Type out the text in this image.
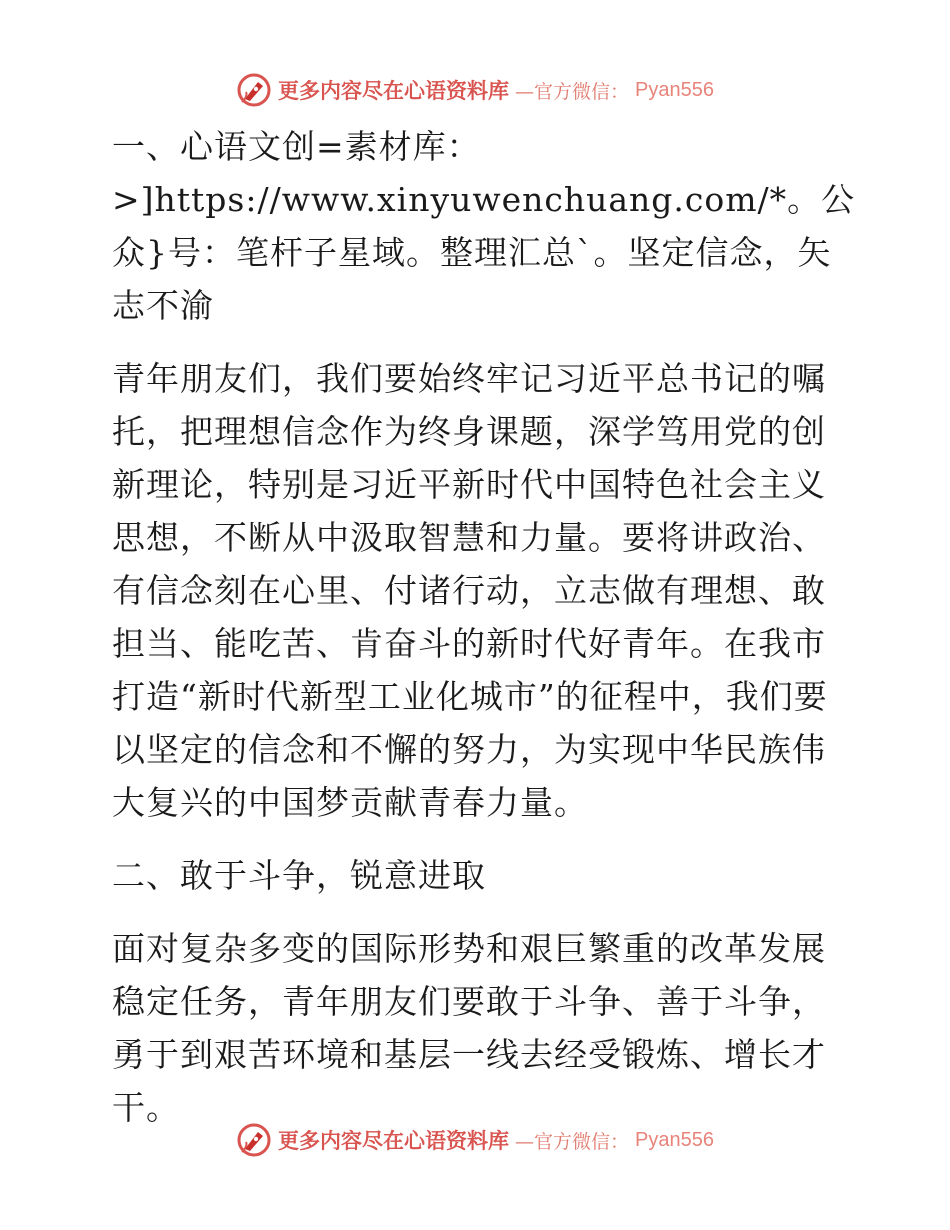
更多内容尽在心语资料库 —官方微信： Pyan556

一、心语文创=素材库：>]https://www.xinyuwenchuang.com/*。公众}号：笔杆子星域。整理汇总`。坚定信念，矢志不渝

青年朋友们，我们要始终牢记习近平总书记的嘱托，把理想信念作为终身课题，深学笃用党的创新理论，特别是习近平新时代中国特色社会主义思想，不断从中汲取智慧和力量。要将讲政治、有信念刻在心里、付诸行动，立志做有理想、敢担当、能吃苦、肯奋斗的新时代好青年。在我市打造“新时代新型工业化城市”的征程中，我们要以坚定的信念和不懈的努力，为实现中华民族伟大复兴的中国梦贡献青春力量。

二、敢于斗争，锐意进取

面对复杂多变的国际形势和艰巨繁重的改革发展稳定任务，青年朋友们要敢于斗争、善于斗争，勇于到艰苦环境和基层一线去经受锻炼、增长才干。

更多内容尽在心语资料库 —官方微信： Pyan556
